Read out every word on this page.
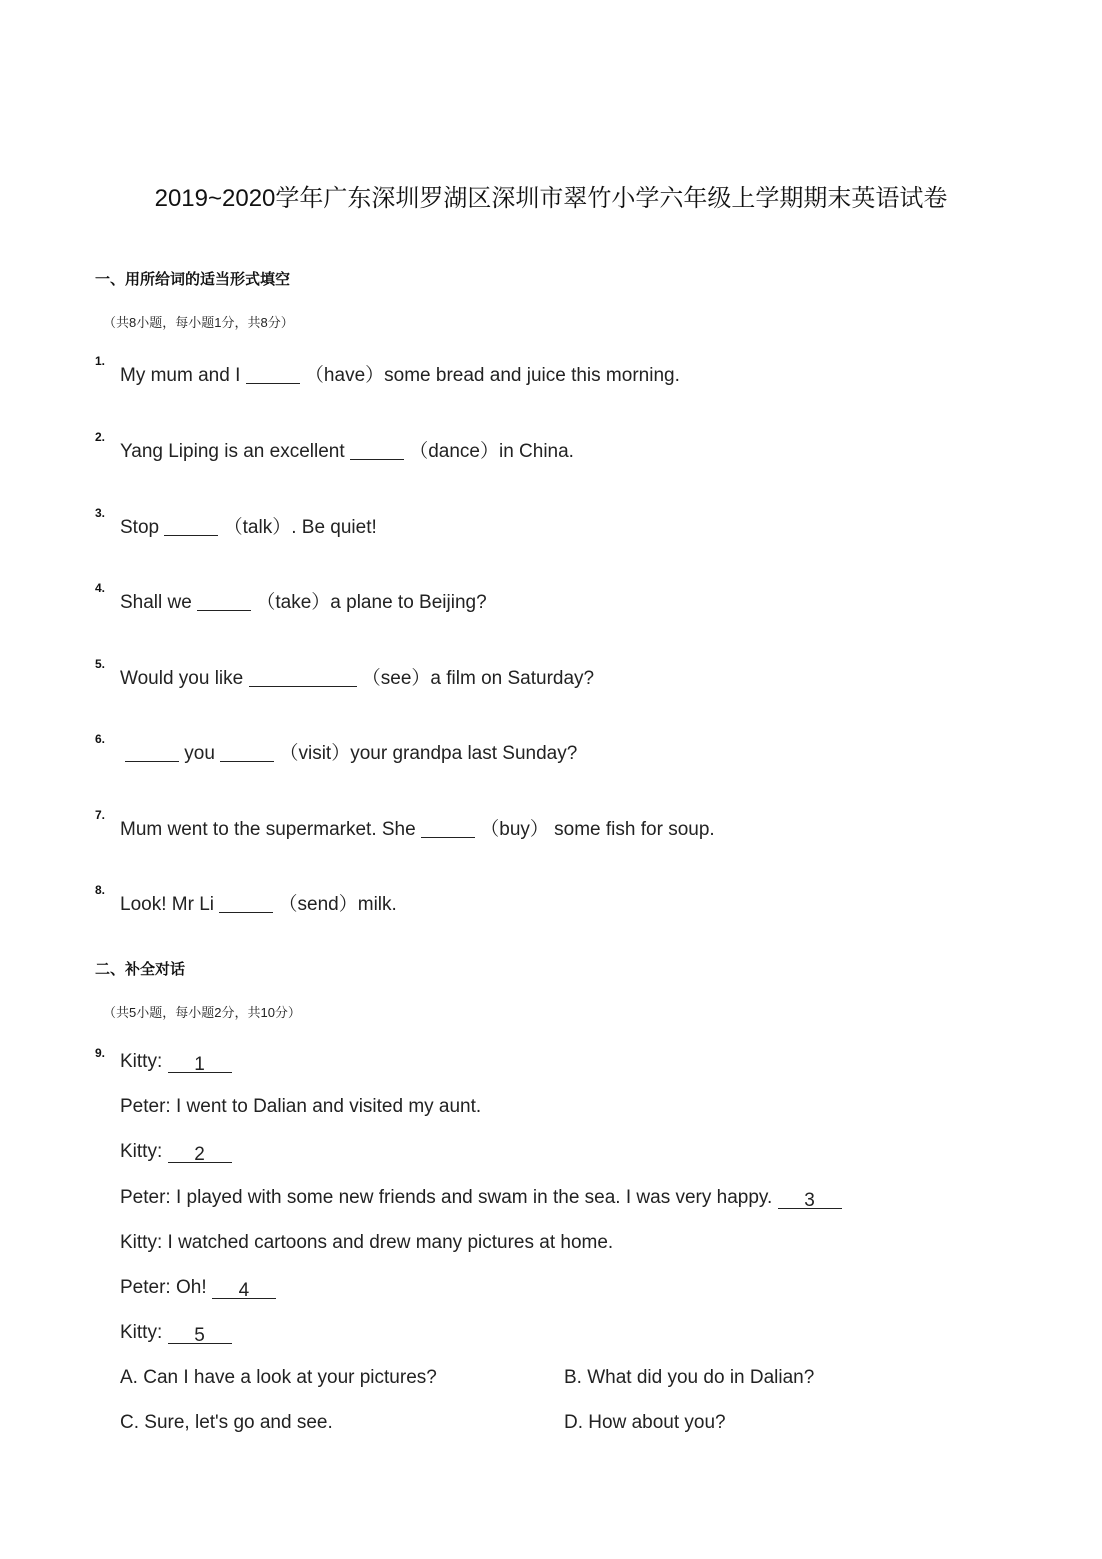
2019~2020学年广东深圳罗湖区深圳市翠竹小学六年级上学期期末英语试卷
一、用所给词的适当形式填空
（共8小题，每小题1分，共8分）
1.
My mum and I	（have）some bread and juice this morning.
2.
Yang Liping is an excellent	（dance）in China.
3.
Stop	（talk）. Be quiet!
4.
Shall we	（take）a plane to Beijing?
5.
Would you like	（see）a film on Saturday?
6.
you	（visit）your grandpa last Sunday?
7.
Mum went to the supermarket. She	（buy） some fish for soup.
8.
Look! Mr Li	（send）milk.
二、补全对话
（共5小题，每小题2分，共10分）
9. Kitty: 1
Peter: I went to Dalian and visited my aunt.
Kitty: 2
Peter: I played with some new friends and swam in the sea. I was very happy. 3
Kitty: I watched cartoons and drew many pictures at home.
Peter: Oh! 4
Kitty: 5
A. Can I have a look at your pictures?	B. What did you do in Dalian?
C. Sure, let's go and see.	D. How about you?
